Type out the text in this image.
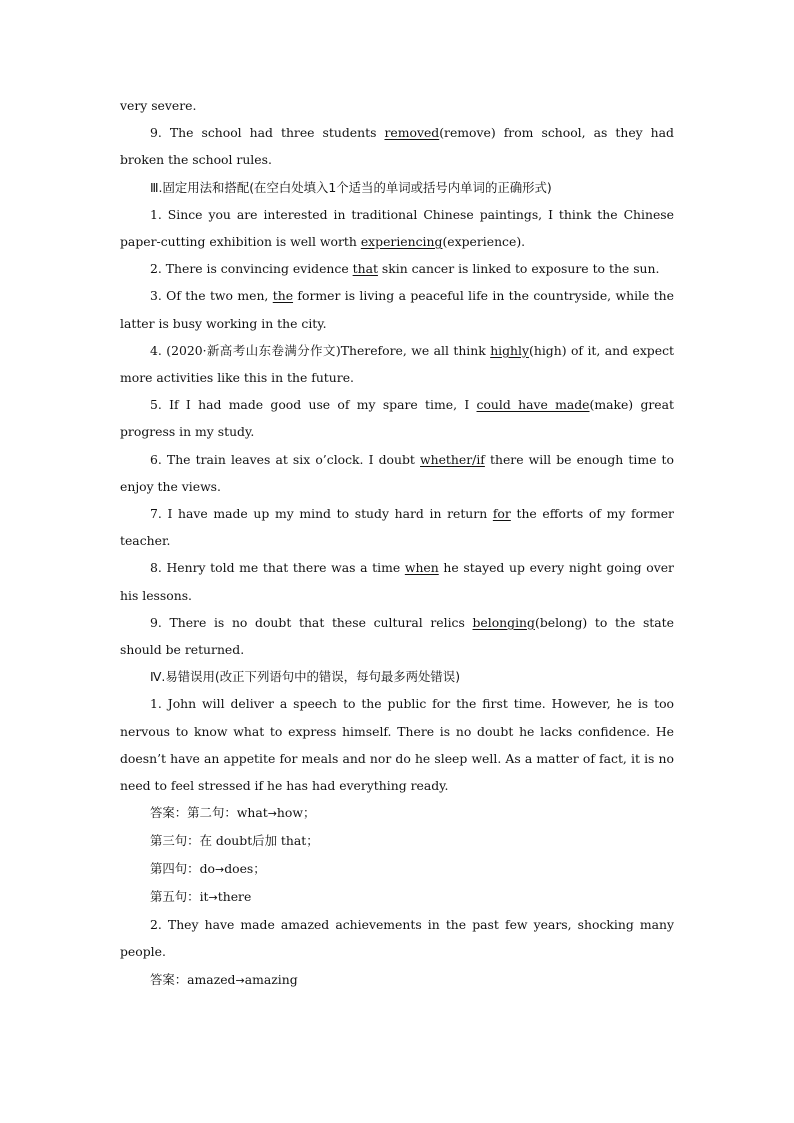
very severe.

9. The school had three students removed(remove) from school, as they had broken the school rules.

Ⅲ.固定用法和搭配(在空白处填入1个适当的单词或括号内单词的正确形式)

1. Since you are interested in traditional Chinese paintings, I think the Chinese paper-cutting exhibition is well worth experiencing(experience).

2. There is convincing evidence that skin cancer is linked to exposure to the sun.

3. Of the two men, the former is living a peaceful life in the countryside, while the latter is busy working in the city.

4. (2020·新高考山东卷满分作文)Therefore, we all think highly(high) of it, and expect more activities like this in the future.

5. If I had made good use of my spare time, I could have made(make) great progress in my study.

6. The train leaves at six o’clock. I doubt whether/if there will be enough time to enjoy the views.

7. I have made up my mind to study hard in return for the efforts of my former teacher.

8. Henry told me that there was a time when he stayed up every night going over his lessons.

9. There is no doubt that these cultural relics belonging(belong) to the state should be returned.

Ⅳ.易错误用(改正下列语句中的错误，每句最多两处错误)

1. John will deliver a speech to the public for the first time. However, he is too nervous to know what to express himself. There is no doubt he lacks confidence. He doesn’t have an appetite for meals and nor do he sleep well. As a matter of fact, it is no need to feel stressed if he has had everything ready.

答案：第二句：what→how；

第三句：在 doubt后加 that；

第四句：do→does；

第五句：it→there

2. They have made amazed achievements in the past few years, shocking many people.

答案：amazed→amazing
